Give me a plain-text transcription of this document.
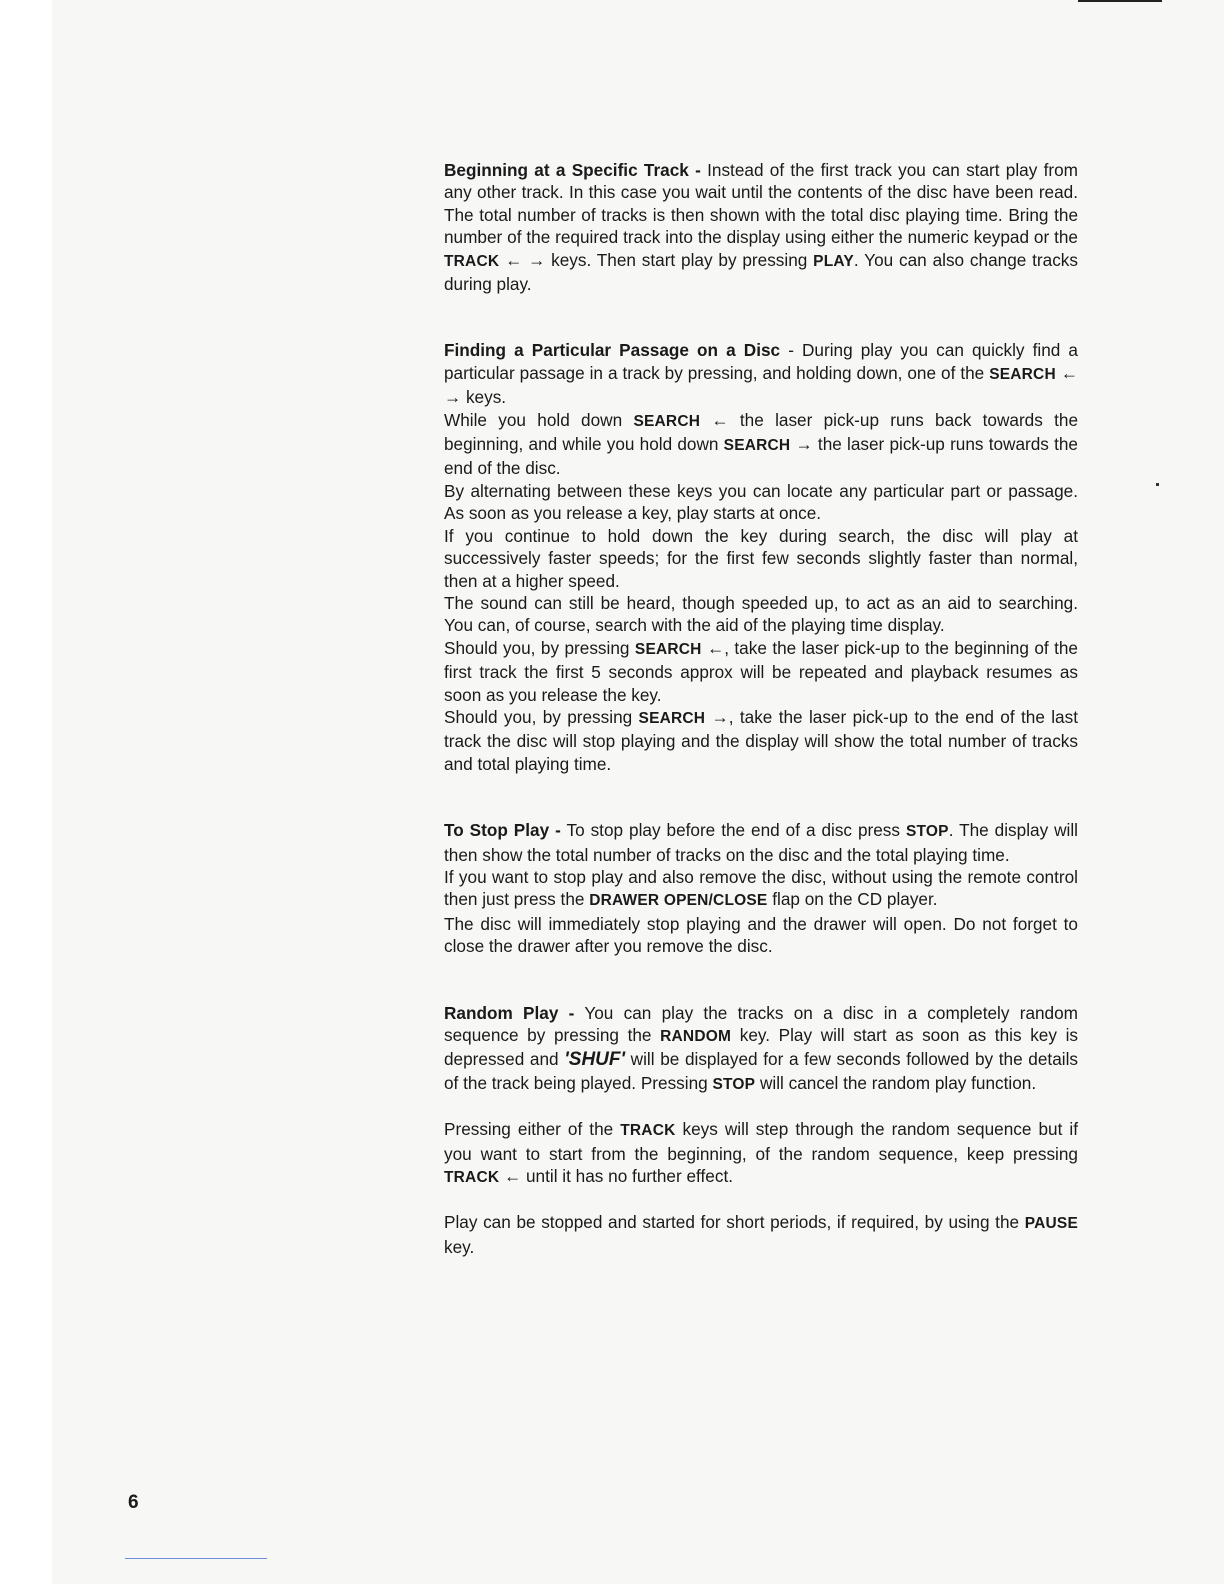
Beginning at a Specific Track - Instead of the first track you can start play from any other track. In this case you wait until the contents of the disc have been read. The total number of tracks is then shown with the total disc playing time. Bring the number of the required track into the display using either the numeric keypad or the TRACK ← → keys. Then start play by pressing PLAY. You can also change tracks during play.

Finding a Particular Passage on a Disc - During play you can quickly find a particular passage in a track by pressing, and holding down, one of the SEARCH ← → keys.

While you hold down SEARCH ← the laser pick-up runs back towards the beginning, and while you hold down SEARCH → the laser pick-up runs towards the end of the disc.

By alternating between these keys you can locate any particular part or passage. As soon as you release a key, play starts at once.

If you continue to hold down the key during search, the disc will play at successively faster speeds; for the first few seconds slightly faster than normal, then at a higher speed.

The sound can still be heard, though speeded up, to act as an aid to searching. You can, of course, search with the aid of the playing time display.

Should you, by pressing SEARCH ←, take the laser pick-up to the beginning of the first track the first 5 seconds approx will be repeated and playback resumes as soon as you release the key.

Should you, by pressing SEARCH →, take the laser pick-up to the end of the last track the disc will stop playing and the display will show the total number of tracks and total playing time.

To Stop Play - To stop play before the end of a disc press STOP. The display will then show the total number of tracks on the disc and the total playing time.

If you want to stop play and also remove the disc, without using the remote control then just press the DRAWER OPEN/CLOSE flap on the CD player.

The disc will immediately stop playing and the drawer will open. Do not forget to close the drawer after you remove the disc.

Random Play - You can play the tracks on a disc in a completely random sequence by pressing the RANDOM key. Play will start as soon as this key is depressed and 'SHUF' will be displayed for a few seconds followed by the details of the track being played. Pressing STOP will cancel the random play function.

Pressing either of the TRACK keys will step through the random sequence but if you want to start from the beginning, of the random sequence, keep pressing TRACK ← until it has no further effect.

Play can be stopped and started for short periods, if required, by using the PAUSE key.

6
